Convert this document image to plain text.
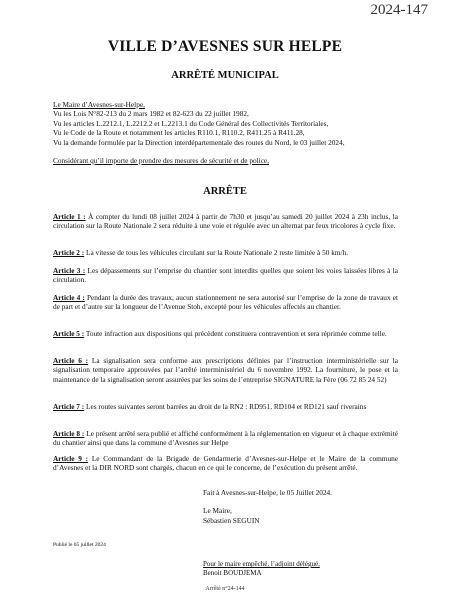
2024-147
VILLE D’AVESNES SUR HELPE
ARRÊTÉ MUNICIPAL
Le Maire d’Avesnes-sur-Helpe,
Vu les Lois N°82-213 du 2 mars 1982 et 82-623 du 22 juillet 1982,
Vu les articles L.2212.1, L.2212.2 et L.2213.1 du Code Général des Collectivités Territoriales,
Vu le Code de la Route et notamment les articles R110.1, R110.2, R411.25 à R411.28,
Vu la demande formulée par la Direction interdépartementale des routes du Nord, le 03 juillet 2024,
Considérant qu’il importe de prendre des mesures de sécurité et de police,
ARRÊTE
Article 1 : À compter du lundi 08 juillet 2024 à partir de 7h30 et jusqu’au samedi 20 juillet 2024 à 23h inclus, la circulation sur la Route Nationale 2 sera réduite à une voie et régulée avec un alternat par feux tricolores à cycle fixe.
Article 2 : La vitesse de tous les véhicules circulant sur la Route Nationale 2 reste limitée à 50 km/h.
Article 3 : Les dépassements sur l’emprise du chantier sont interdits quelles que soient les voies laissées libres à la circulation.
Article 4 : Pendant la durée des travaux, aucun stationnement ne sera autorisé sur l’emprise de la zone de travaux et de part et d’autre sur la longueur de l’Avenue Stoh, excepté pour les véhicules affectés au chantier.
Article 5 : Toute infraction aux dispositions qui précèdent constituera contravention et sera réprimée comme telle.
Article 6 : La signalisation sera conforme aux prescriptions définies par l’instruction interministérielle sur la signalisation temporaire approuvées par l’arrêté interministériel du 6 novembre 1992. La fourniture, le pose et la maintenance de la signalisation seront assurées par les soins de l’entreprise SIGNATURE la Fère (06 72 85 24 52)
Article 7 : Les routes suivantes seront barrées au droit de la RN2 : RD951, RD104 et RD121 sauf riverains
Article 8 : Le présent arrêté sera publié et affiché conformément à la réglementation en vigueur et à chaque extrémité du chantier ainsi que dans la commune d’Avesnes sur Helpe
Article 9 : Le Commandant de la Brigade de Gendarmerie d’Avesnes-sur-Helpe et le Maire de la commune d’Avesnes et la DIR NORD sont chargés, chacun en ce qui le concerne, de l’exécution du présent arrêté.
Fait à Avesnes-sur-Helpe, le 05 Juillet 2024.
Le Maire,
Sébastien SEGUIN
Publié le 05 juillet 2024
Pour le maire empêché, l’adjoint délégué,
Benoit BOUDJEMA
Arrêté n°24-144
